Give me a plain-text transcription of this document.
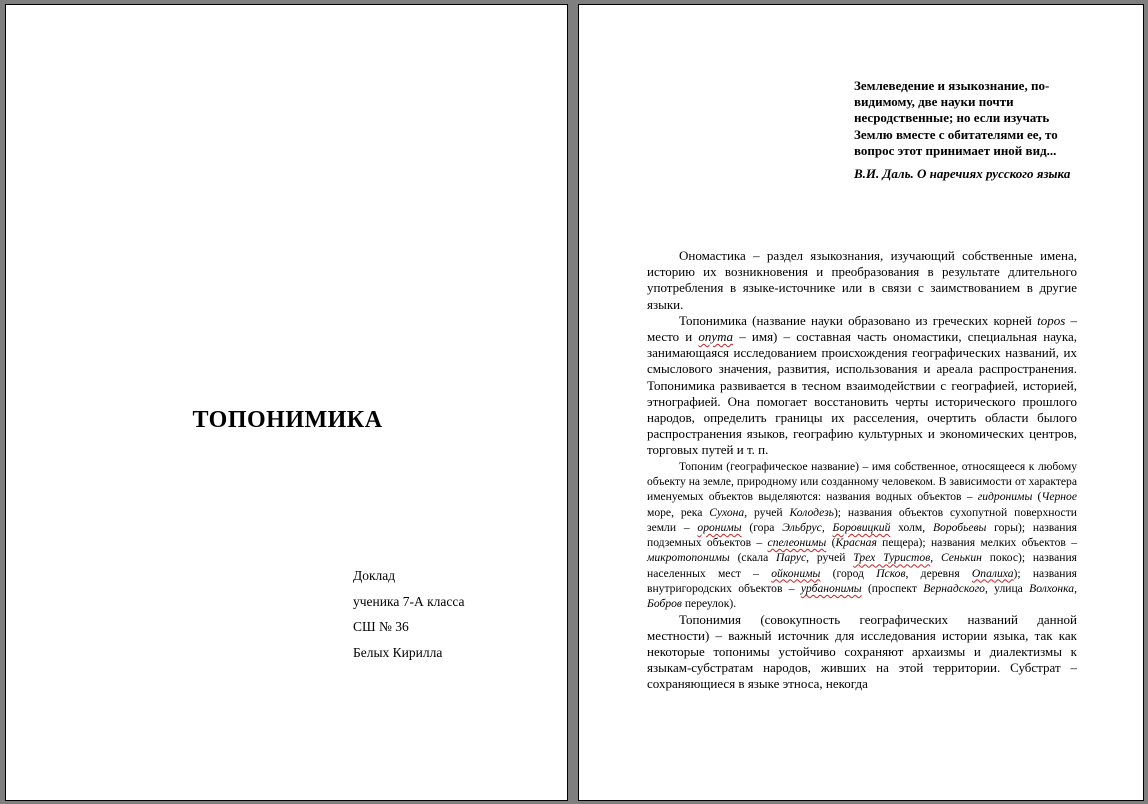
ТОПОНИМИКА
Доклад
ученика 7-А класса
СШ № 36
Белых Кирилла
Землеведение и языкознание, по-видимому, две науки почти несродственные; но если изучать Землю вместе с обитателями ее, то вопрос этот принимает иной вид...
В.И. Даль. О наречиях русского языка

Ономастика – раздел языкознания, изучающий собственные имена, историю их возникновения и преобразования в результате длительного употребления в языке-источнике или в связи с заимствованием в другие языки.

Топонимика (название науки образовано из греческих корней topos – место и onyma – имя) – составная часть ономастики, специальная наука, занимающаяся исследованием происхождения географических названий, их смыслового значения, развития, использования и ареала распространения. Топонимика развивается в тесном взаимодействии с географией, историей, этнографией. Она помогает восстановить черты исторического прошлого народов, определить границы их расселения, очертить области былого распространения языков, географию культурных и экономических центров, торговых путей и т. п.

Топоним (географическое название) – имя собственное, относящееся к любому объекту на земле, природному или созданному человеком. В зависимости от характера именуемых объектов выделяются: названия водных объектов – гидронимы (Черное море, река Сухона, ручей Колодезь); названия объектов сухопутной поверхности земли – оронимы (гора Эльбрус, Боровицкий холм, Воробьевы горы); названия подземных объектов – спелеонимы (Красная пещера); названия мелких объектов – микротопонимы (скала Парус, ручей Трех Туристов, Сенькин покос); названия населенных мест – ойконимы (город Псков, деревня Опалиха); названия внутригородских объектов – урбанонимы (проспект Вернадского, улица Волхонка, Бобров переулок).

Топонимия (совокупность географических названий данной местности) – важный источник для исследования истории языка, так как некоторые топонимы устойчиво сохраняют архаизмы и диалектизмы к языкам-субстратам народов, живших на этой территории. Субстрат – сохраняющиеся в языке этноса, некогда
